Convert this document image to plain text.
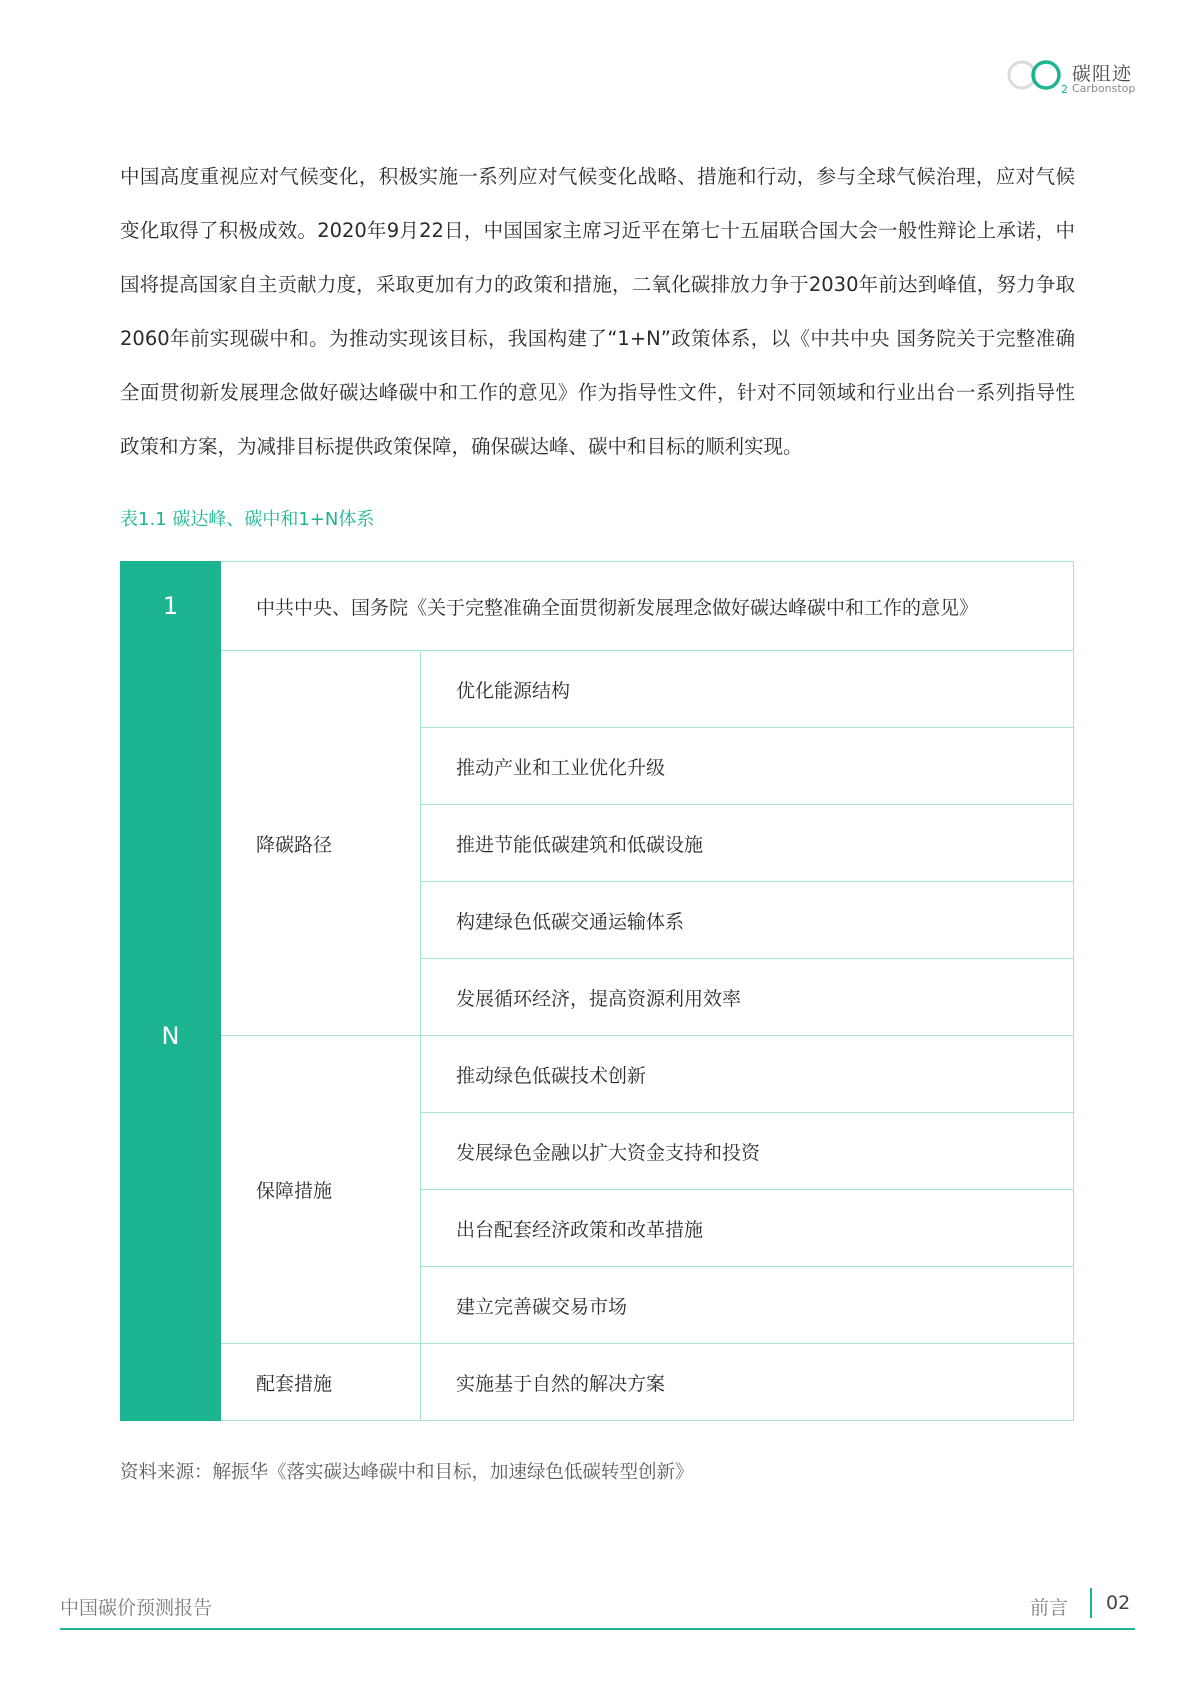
2
碳阻迹
Carbonstop

中国高度重视应对气候变化，积极实施一系列应对气候变化战略、措施和行动，参与全球气候治理，应对气候变化取得了积极成效。2020年9月22日，中国国家主席习近平在第七十五届联合国大会一般性辩论上承诺，中国将提高国家自主贡献力度，采取更加有力的政策和措施，二氧化碳排放力争于2030年前达到峰值，努力争取2060年前实现碳中和。为推动实现该目标，我国构建了“1+N”政策体系，以《中共中央 国务院关于完整准确全面贯彻新发展理念做好碳达峰碳中和工作的意见》作为指导性文件，针对不同领域和行业出台一系列指导性政策和方案，为减排目标提供政策保障，确保碳达峰、碳中和目标的顺利实现。

表1.1 碳达峰、碳中和1+N体系
1	中共中央、国务院《关于完整准确全面贯彻新发展理念做好碳达峰碳中和工作的意见》	
N	降碳路径	优化能源结构
		推动产业和工业优化升级
		推进节能低碳建筑和低碳设施
		构建绿色低碳交通运输体系
		发展循环经济，提高资源利用效率
	保障措施	推动绿色低碳技术创新
		发展绿色金融以扩大资金支持和投资
		出台配套经济政策和改革措施
		建立完善碳交易市场
	配套措施	实施基于自然的解决方案
资料来源：解振华《落实碳达峰碳中和目标，加速绿色低碳转型创新》
中国碳价预测报告	前言 02
